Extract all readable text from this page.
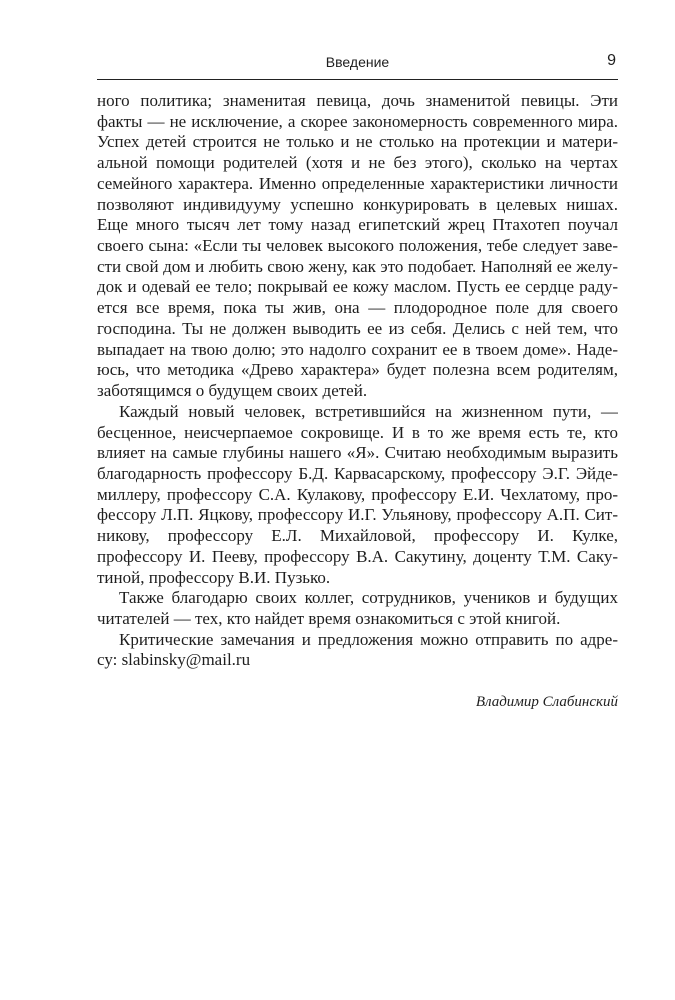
Введение	9
ного политика; знаменитая певица, дочь знаменитой певицы. Эти
факты — не исключение, а скорее закономерность современного мира.
Успех детей строится не только и не столько на протекции и матери-
альной помощи родителей (хотя и не без этого), сколько на чертах
семейного характера. Именно определенные характеристики личности
позволяют индивидууму успешно конкурировать в целевых нишах.
Еще много тысяч лет тому назад египетский жрец Птахотеп поучал
своего сына: «Если ты человек высокого положения, тебе следует заве-
сти свой дом и любить свою жену, как это подобает. Наполняй ее желу-
док и одевай ее тело; покрывай ее кожу маслом. Пусть ее сердце раду-
ется все время, пока ты жив, она — плодородное поле для своего
господина. Ты не должен выводить ее из себя. Делись с ней тем, что
выпадает на твою долю; это надолго сохранит ее в твоем доме». Наде-
юсь, что методика «Древо характера» будет полезна всем родителям,
заботящимся о будущем своих детей.
Каждый новый человек, встретившийся на жизненном пути, —
бесценное, неисчерпаемое сокровище. И в то же время есть те, кто
влияет на самые глубины нашего «Я». Считаю необходимым выразить
благодарность профессору Б.Д. Карвасарскому, профессору Э.Г. Эйде-
миллеру, профессору С.А. Кулакову, профессору Е.И. Чехлатому, про-
фессору Л.П. Яцкову, профессору И.Г. Ульянову, профессору А.П. Сит-
никову, профессору Е.Л. Михайловой, профессору И. Кулке,
профессору И. Пееву, профессору В.А. Сакутину, доценту Т.М. Саку-
тиной, профессору В.И. Пузько.
Также благодарю своих коллег, сотрудников, учеников и будущих
читателей — тех, кто найдет время ознакомиться с этой книгой.
Критические замечания и предложения можно отправить по адре-
су: slabinsky@mail.ru
Владимир Слабинский
